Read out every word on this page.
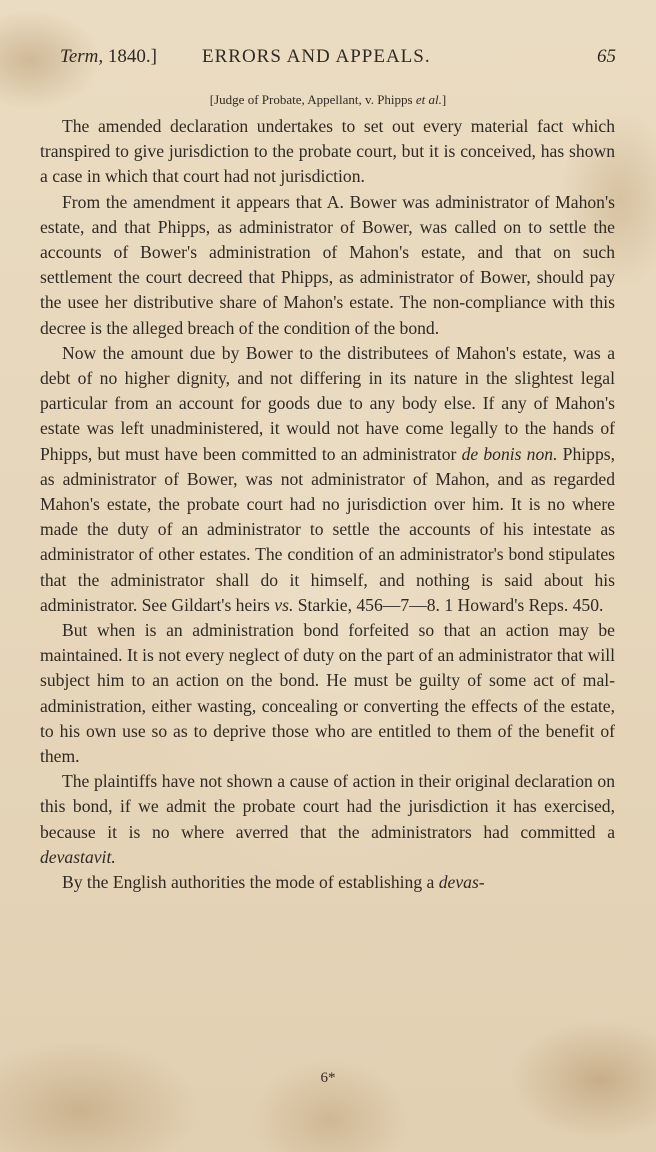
Term, 1840.] ERRORS AND APPEALS.	65
[Judge of Probate, Appellant, v. Phipps et al.]

The amended declaration undertakes to set out every material fact which transpired to give jurisdiction to the probate court, but it is conceived, has shown a case in which that court had not jurisdiction.

From the amendment it appears that A. Bower was administrator of Mahon's estate, and that Phipps, as administrator of Bower, was called on to settle the accounts of Bower's administration of Mahon's estate, and that on such settlement the court decreed that Phipps, as administrator of Bower, should pay the usee her distributive share of Mahon's estate. The non-compliance with this decree is the alleged breach of the condition of the bond.

Now the amount due by Bower to the distributees of Mahon's estate, was a debt of no higher dignity, and not differing in its nature in the slightest legal particular from an account for goods due to any body else. If any of Mahon's estate was left unadministered, it would not have come legally to the hands of Phipps, but must have been committed to an administrator de bonis non. Phipps, as administrator of Bower, was not administrator of Mahon, and as regarded Mahon's estate, the probate court had no jurisdiction over him. It is no where made the duty of an administrator to settle the accounts of his intestate as administrator of other estates. The condition of an administrator's bond stipulates that the administrator shall do it himself, and nothing is said about his administrator. See Gildart's heirs vs. Starkie, 456—7—8. 1 Howard's Reps. 450.

But when is an administration bond forfeited so that an action may be maintained. It is not every neglect of duty on the part of an administrator that will subject him to an action on the bond. He must be guilty of some act of mal-administration, either wasting, concealing or converting the effects of the estate, to his own use so as to deprive those who are entitled to them of the benefit of them.

The plaintiffs have not shown a cause of action in their original declaration on this bond, if we admit the probate court had the jurisdiction it has exercised, because it is no where averred that the administrators had committed a devastavit.

By the English authorities the mode of establishing a devas-

6*
